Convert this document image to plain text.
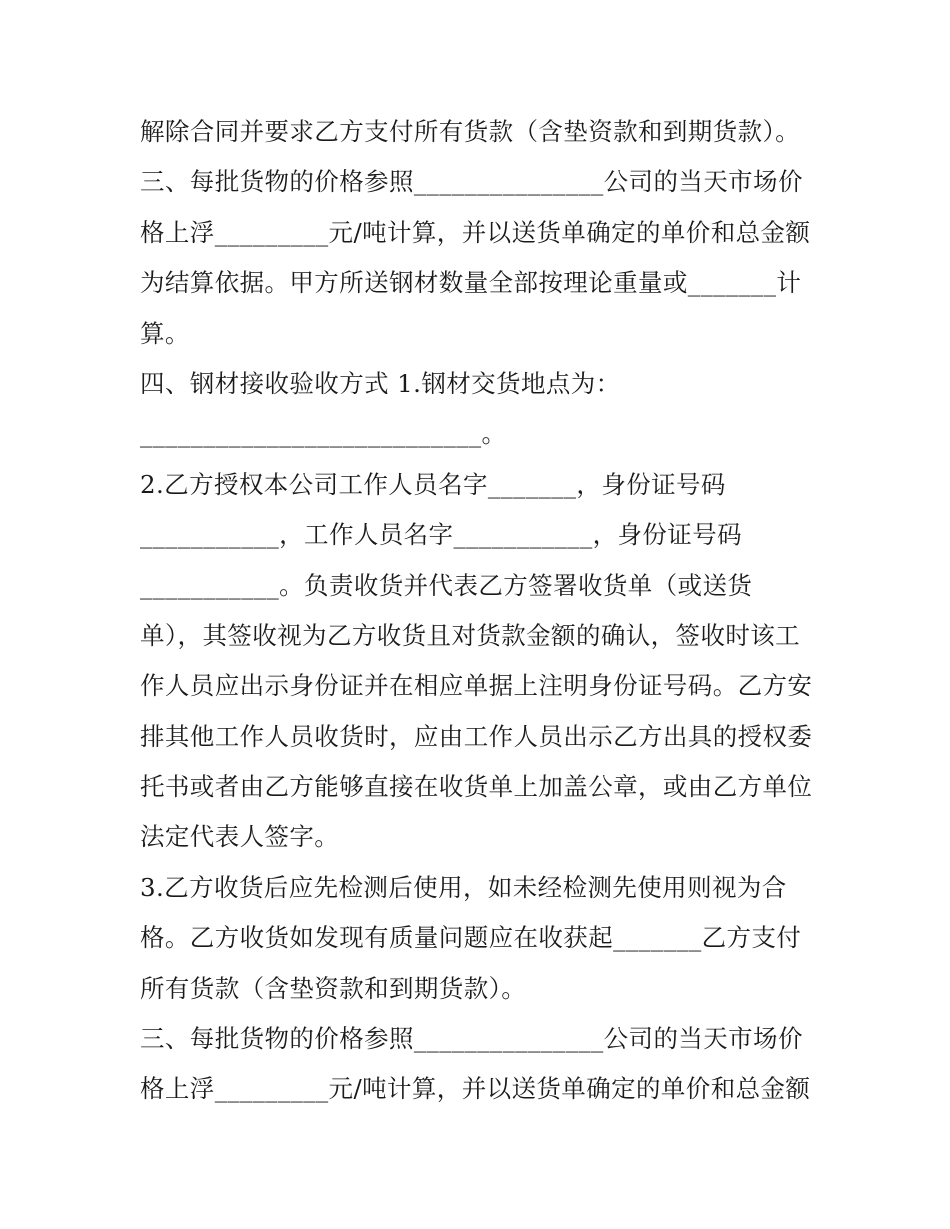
解除合同并要求乙方支付所有货款（含垫资款和到期货款）。
三、每批货物的价格参照_______________公司的当天市场价
格上浮_________元/吨计算，并以送货单确定的单价和总金额
为结算依据。甲方所送钢材数量全部按理论重量或_______计
算。
四、钢材接收验收方式 1.钢材交货地点为：
___________________________。
2.乙方授权本公司工作人员名字_______，身份证号码
___________，工作人员名字___________，身份证号码
___________。负责收货并代表乙方签署收货单（或送货
单），其签收视为乙方收货且对货款金额的确认，签收时该工
作人员应出示身份证并在相应单据上注明身份证号码。乙方安
排其他工作人员收货时，应由工作人员出示乙方出具的授权委
托书或者由乙方能够直接在收货单上加盖公章，或由乙方单位
法定代表人签字。
3.乙方收货后应先检测后使用，如未经检测先使用则视为合
格。乙方收货如发现有质量问题应在收获起_______乙方支付
所有货款（含垫资款和到期货款）。
三、每批货物的价格参照_______________公司的当天市场价
格上浮_________元/吨计算，并以送货单确定的单价和总金额
